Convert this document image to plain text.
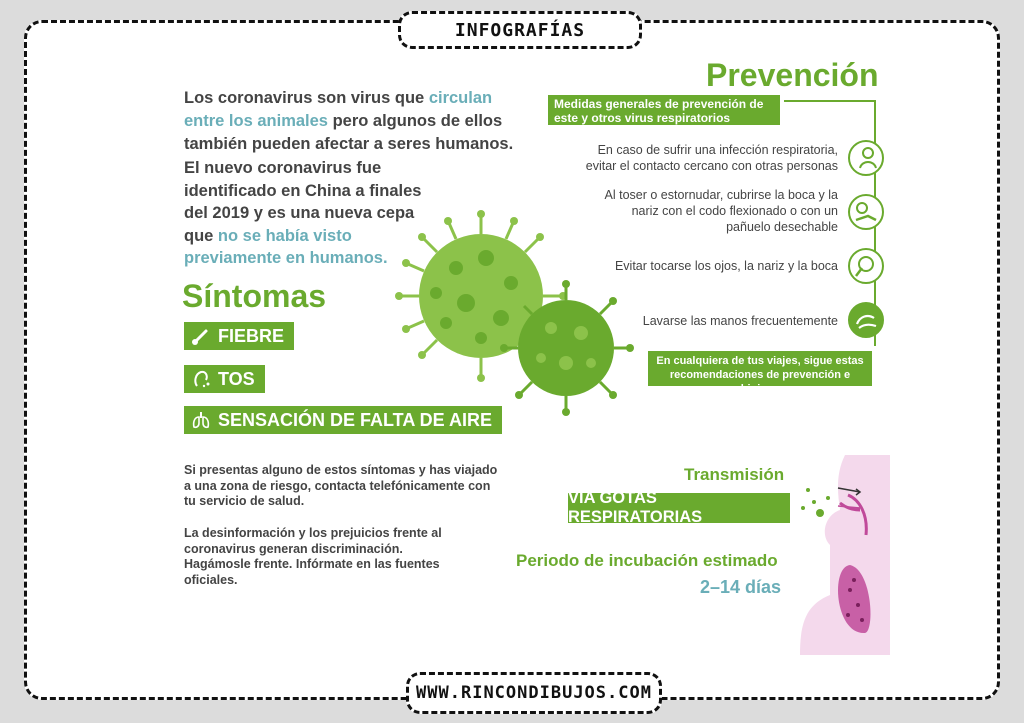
INFOGRAFÍAS
Los coronavirus son virus que circulan entre los animales pero algunos de ellos también pueden afectar a seres humanos.
El nuevo coronavirus fue identificado en China a finales del 2019 y es una nueva cepa que no se había visto previamente en humanos.
Síntomas
FIEBRE
TOS
SENSACIÓN DE FALTA DE AIRE
Si presentas alguno de estos síntomas y has viajado a una zona de riesgo, contacta telefónicamente con tu servicio de salud.
La desinformación y los prejuicios frente al coronavirus generan discriminación. Hagámosle frente. Infórmate en las fuentes oficiales.
Prevención
Medidas generales de prevención de este y otros virus respiratorios
En caso de sufrir una infección respiratoria, evitar el contacto cercano con otras personas
Al toser o estornudar, cubrirse la boca y la nariz con el codo flexionado o con un pañuelo desechable
Evitar tocarse los ojos, la nariz y la boca
Lavarse las manos frecuentemente
En cualquiera de tus viajes, sigue estas recomendaciones de prevención e higiene
Transmisión
VÍA GOTAS RESPIRATORIAS
Periodo de incubación estimado
2–14 días
WWW.RINCONDIBUJOS.COM
